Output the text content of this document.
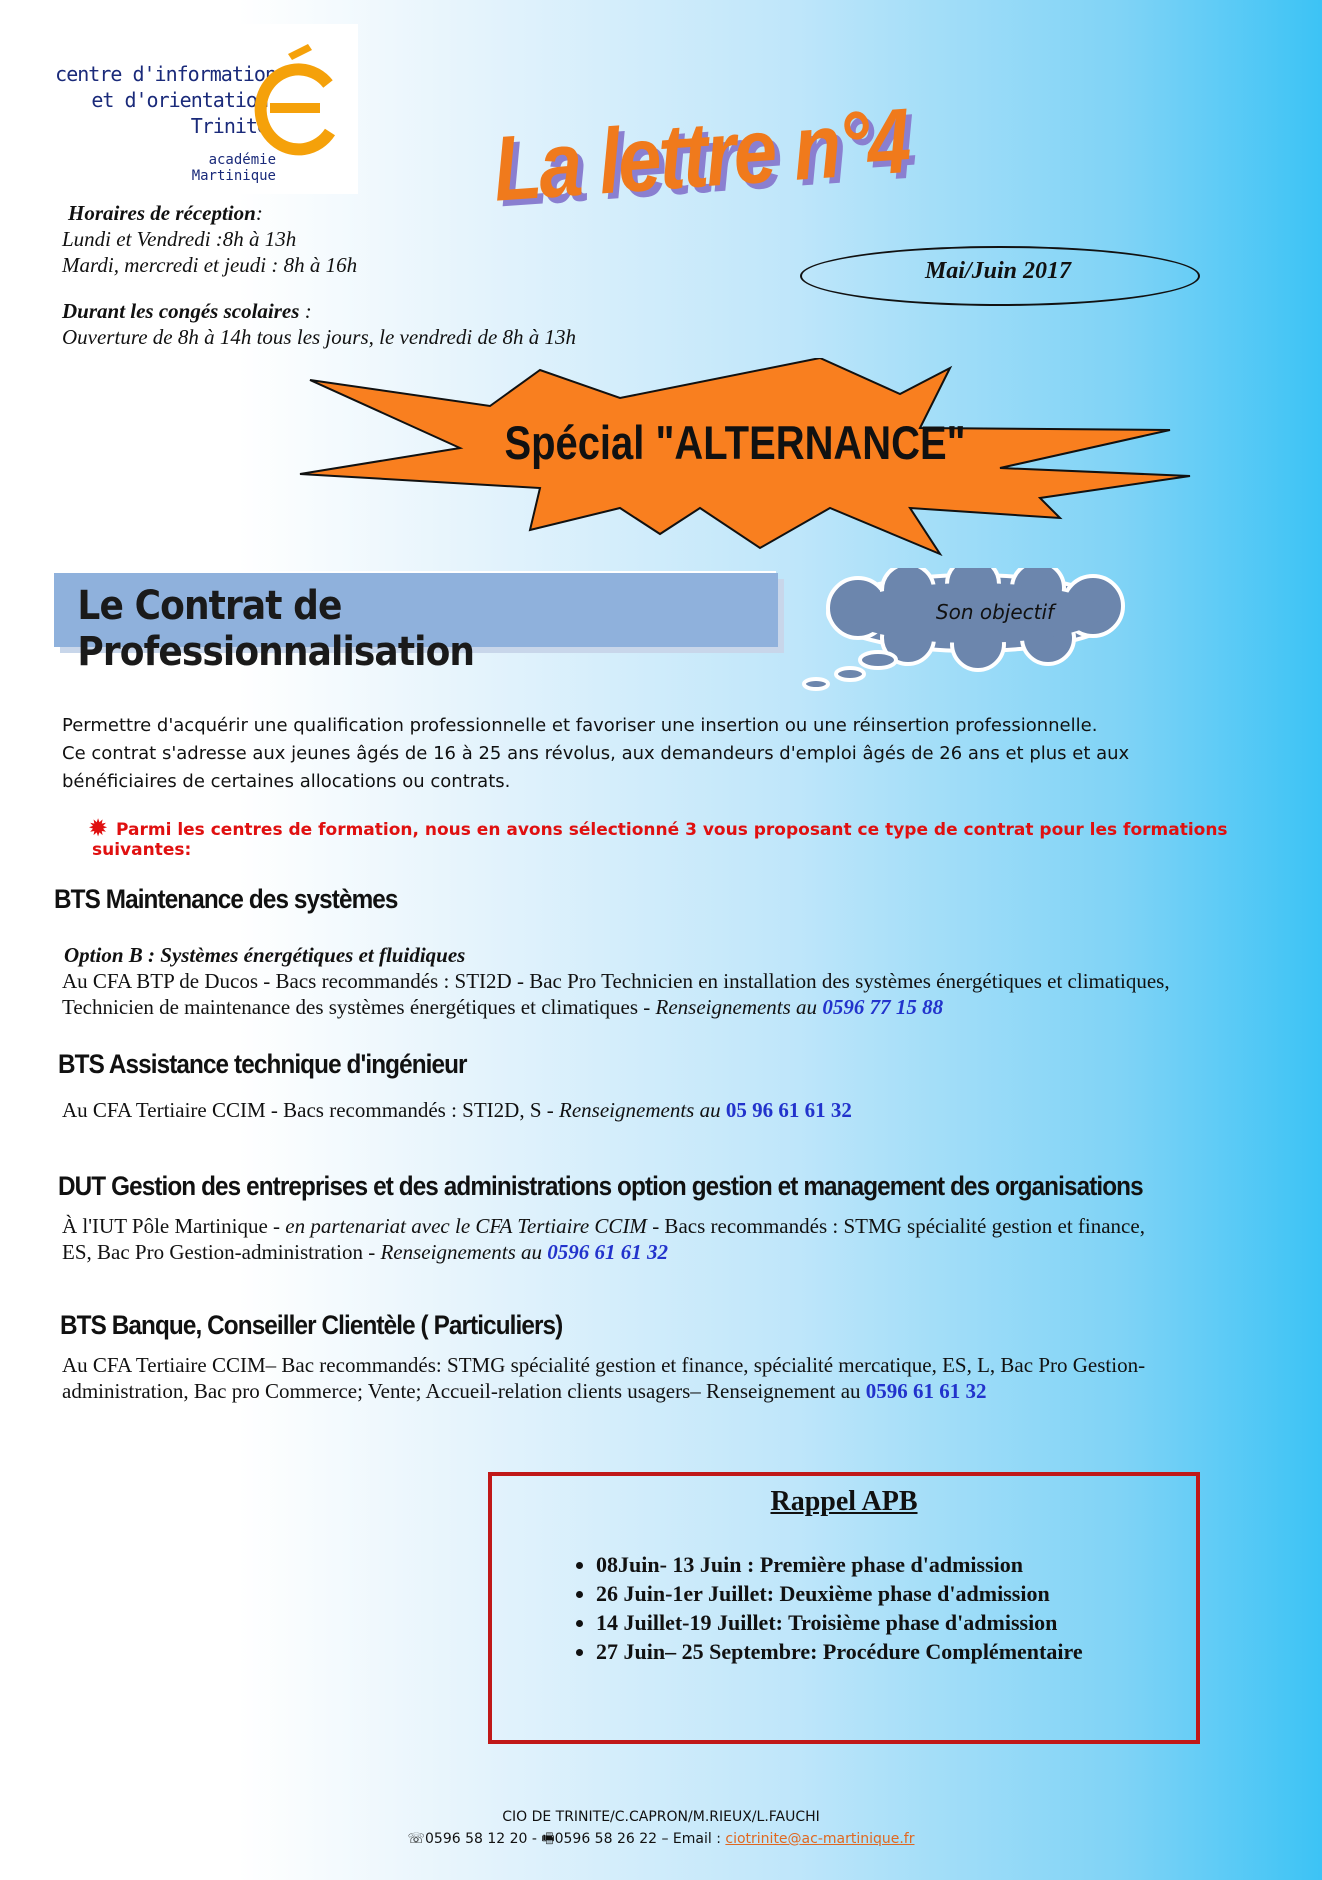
centre d'information
et d'orientation
Trinité
académie
Martinique
Horaires de réception:
Lundi et Vendredi :8h à 13h
Mardi, mercredi et jeudi : 8h à 16h
Durant les congés scolaires :
Ouverture de 8h à 14h tous les jours, le vendredi de 8h à 13h
La lettre n°4
Mai/Juin 2017
Spécial "ALTERNANCE"
Le Contrat de Professionnalisation
Son objectif
Permettre d'acquérir une qualification professionnelle et favoriser une insertion ou une réinsertion professionnelle.
Ce contrat s'adresse aux jeunes âgés de 16 à 25 ans révolus, aux demandeurs d'emploi âgés de 26 ans et plus et aux
bénéficiaires de certaines allocations ou contrats.
✹ Parmi les centres de formation, nous en avons sélectionné 3 vous proposant ce type de contrat pour les formations suivantes:
BTS Maintenance des systèmes
Option B : Systèmes énergétiques et fluidiques
Au CFA BTP de Ducos - Bacs recommandés : STI2D - Bac Pro Technicien en installation des systèmes énergétiques et climatiques,
Technicien de maintenance des systèmes énergétiques et climatiques - Renseignements au 0596 77 15 88
BTS Assistance technique d'ingénieur
Au CFA Tertiaire CCIM - Bacs recommandés : STI2D, S - Renseignements au 05 96 61 61 32
DUT Gestion des entreprises et des administrations option gestion et management des organisations
À l'IUT Pôle Martinique - en partenariat avec le CFA Tertiaire CCIM - Bacs recommandés : STMG spécialité gestion et finance,
ES, Bac Pro Gestion-administration - Renseignements au 0596 61 61 32
BTS Banque, Conseiller Clientèle ( Particuliers)
Au CFA Tertiaire CCIM– Bac recommandés: STMG spécialité gestion et finance, spécialité mercatique, ES, L, Bac Pro Gestion-
administration, Bac pro Commerce; Vente; Accueil-relation clients usagers– Renseignement au 0596 61 61 32
Rappel APB
• 08Juin- 13 Juin : Première phase d'admission
• 26 Juin-1er Juillet: Deuxième phase d'admission
• 14 Juillet-19 Juillet: Troisième phase d'admission
• 27 Juin– 25 Septembre: Procédure Complémentaire
CIO DE TRINITE/C.CAPRON/M.RIEUX/L.FAUCHI
☏0596 58 12 20 - 🖷0596 58 26 22 – Email : ciotrinite@ac-martinique.fr
